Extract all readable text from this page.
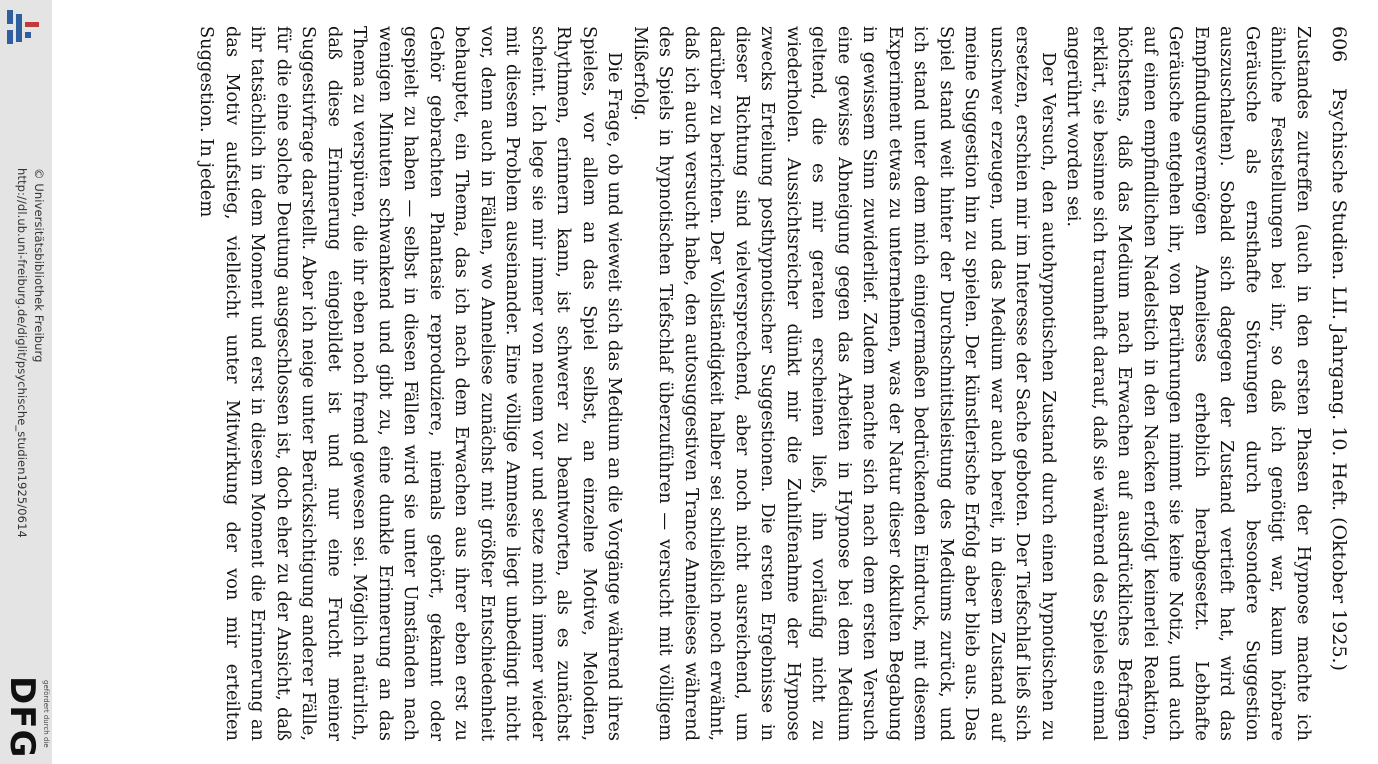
http://dl.ub.uni-freiburg.de/diglit/psychische_studien1925/0614 © Universitätsbibliothek Freiburg
gefördert durch die
DFG
606
Psychische Studien. LII. Jahrgang. 10. Heft. (Oktober 1925.)

Zustandes zutreffen (auch in den ersten Phasen der Hypnose machte ich ähnliche Feststellungen bei ihr, so daß ich genötigt war, kaum hörbare Geräusche als ernsthafte Störungen durch besondere Suggestion auszuschalten). Sobald sich dagegen der Zustand vertieft hat, wird das Empfindungsvermögen Annelieses erheblich herabgesetzt. Lebhafte Geräusche entgehen ihr, von Berührungen nimmt sie keine Notiz, und auch auf einen empfindlichen Nadelstich in den Nacken erfolgt keinerlei Reaktion, höchstens, daß das Medium nach Erwachen auf ausdrückliches Befragen erklärt, sie besinne sich traumhaft darauf, daß sie während des Spieles einmal angerührt worden sei.

Der Versuch, den autohypnotischen Zustand durch einen hypnotischen zu ersetzen, erschien mir im Interesse der Sache geboten. Der Tiefschlaf ließ sich unschwer erzeugen, und das Medium war auch bereit, in diesem Zustand auf meine Suggestion hin zu spielen. Der künstlerische Erfolg aber blieb aus. Das Spiel stand weit hinter der Durchschnittsleistung des Mediums zurück, und ich stand unter dem mich einigermaßen bedrückenden Eindruck, mit diesem Experiment etwas zu unternehmen, was der Natur dieser okkulten Begabung in gewissem Sinn zuwiderlief. Zudem machte sich nach dem ersten Versuch eine gewisse Abneigung gegen das Arbeiten in Hypnose bei dem Medium geltend, die es mir geraten erscheinen ließ, ihn vorläufig nicht zu wiederholen. Aussichtsreicher dünkt mir die Zuhilfenahme der Hypnose zwecks Erteilung posthypnotischer Suggestionen. Die ersten Ergebnisse in dieser Richtung sind vielversprechend, aber noch nicht ausreichend, um darüber zu berichten. Der Vollständigkeit halber sei schließlich noch erwähnt, daß ich auch versucht habe, den autosuggestiven Trance Annelieses während des Spiels in hypnotischen Tiefschlaf überzuführen — versucht mit völligem Mißerfolg.

Die Frage, ob und wieweit sich das Medium an die Vorgänge während ihres Spieles, vor allem an das Spiel selbst, an einzelne Motive, Melodien, Rhythmen, erinnern kann, ist schwerer zu beantworten, als es zunächst scheint. Ich lege sie mir immer von neuem vor und setze mich immer wieder mit diesem Problem auseinander. Eine völlige Amnesie liegt unbedingt nicht vor, denn auch in Fällen, wo Anneliese zunächst mit größter Entschiedenheit behauptet, ein Thema, das ich nach dem Erwachen aus ihrer eben erst zu Gehör gebrachten Phantasie reproduziere, niemals gehört, gekannt oder gespielt zu haben — selbst in diesen Fällen wird sie unter Umständen nach wenigen Minuten schwankend und gibt zu, eine dunkle Erinnerung an das Thema zu verspüren, die ihr eben noch fremd gewesen sei. Möglich natürlich, daß diese Erinnerung eingebildet ist und nur eine Frucht meiner Suggestivfrage darstellt. Aber ich neige unter Berücksichtigung anderer Fälle, für die eine solche Deutung ausgeschlossen ist, doch eher zu der Ansicht, daß ihr tatsächlich in dem Moment und erst in diesem Moment die Erinnerung an das Motiv aufstieg, vielleicht unter Mitwirkung der von mir erteilten Suggestion. In jedem
